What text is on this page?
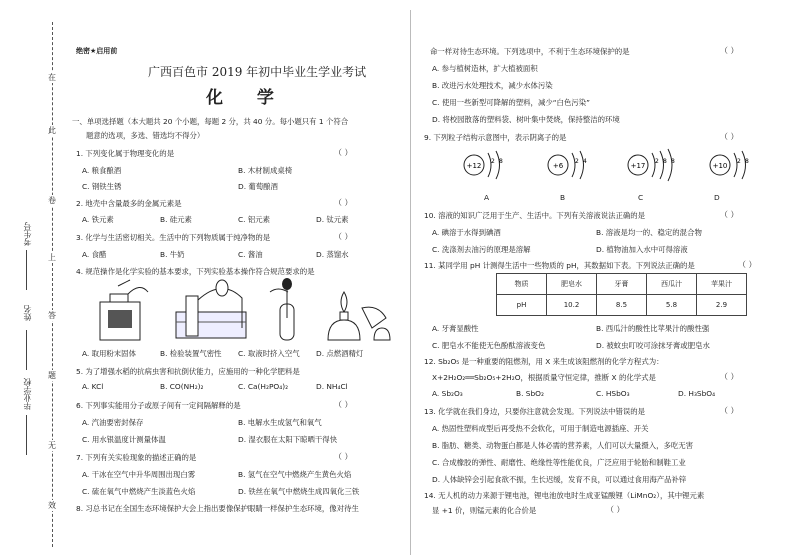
在
此
卷
上
答
题
无
效
考生号
姓名
毕业学校
绝密★启用前
广西百色市 2019 年初中毕业生学业考试
化 学
一、单项选择题（本大题共 20 个小题，每题 2 分，共 40 分。每小题只有 1 个符合
题意的选项，多选、错选均不得分）
1. 下列变化属于物理变化的是	（ ）
A. 粮食酿酒	B. 木材制成桌椅
C. 钢铁生锈	D. 葡萄酿酒
2. 地壳中含量最多的金属元素是	（ ）
A. 铁元素	B. 硅元素	C. 铝元素	D. 钛元素
3. 化学与生活密切相关。生活中的下列物质属于纯净物的是	（ ）
A. 食醋	B. 牛奶	C. 酱油	D. 蒸馏水
4. 规范操作是化学实验的基本要求，下列实验基本操作符合规范要求的是
A. 取用粉末固体	B. 检验装置气密性 C. 取液时挤入空气 D. 点燃酒精灯
5. 为了增强水稻的抗病虫害和抗倒伏能力，应施用的一种化学肥料是
A. KCl	B. CO(NH₂)₂	C. Ca(H₂PO₄)₂	D. NH₄Cl
6. 下列事实能用分子或原子间有一定间隔解释的是	（ ）
A. 汽油要密封保存	B. 电解水生成氢气和氧气
C. 用水银温度计测量体温	D. 湿衣服在太阳下晾晒干得快
7. 下列有关实验现象的描述正确的是	（ ）
A. 干冰在空气中升华周围出现白雾	B. 氢气在空气中燃烧产生黄色火焰
C. 硫在氧气中燃烧产生淡蓝色火焰	D. 铁丝在氧气中燃烧生成四氧化三铁
8. 习总书记在全国生态环境保护大会上指出要像保护眼睛一样保护生态环境，像对待生
命一样对待生态环境。下列选项中，不利于生态环境保护的是	（ ）
A. 参与植树造林，扩大植被面积
B. 改进污水处理技术，减少水体污染
C. 使用一些新型可降解的塑料，减少“白色污染”
D. 将校园散落的塑料袋、树叶集中焚烧，保持整洁的环境
9. 下列粒子结构示意图中，表示阴离子的是	（ ）
+12
2 8
+6
2 4
+17
2 8 8
+10
2 8
A	B	C	D
10. 溶液的知识广泛用于生产、生活中。下列有关溶液说法正确的是	（ ）
A. 碘溶于水得到碘酒	B. 溶液是均一的、稳定的混合物
C. 洗涤剂去油污的原理是溶解	D. 植物油加入水中可得溶液
11. 某同学用 pH 计测得生活中一些物质的 pH，其数据如下表。下列说法正确的是	（ ）
物质	肥皂水	牙膏	西瓜汁	苹果汁
pH	10.2	8.5	5.8	2.9
A. 牙膏显酸性	B. 西瓜汁的酸性比苹果汁的酸性强
C. 肥皂水不能使无色酚酞溶液变色	D. 被蚊虫叮咬可涂抹牙膏或肥皂水
12. Sb₂O₅ 是一种重要的阻燃剂，用 X 来生成该阻燃剂的化学方程式为：
X+2H₂O₂══Sb₂O₅+2H₂O，根据质量守恒定律，推断 X 的化学式是	（ ）
A. Sb₂O₃	B. SbO₂	C. HSbO₃	D. H₃SbO₄
13. 化学就在我们身边，只要你注意就会发现。下列说法中错误的是	（ ）
A. 热固性塑料成型后再受热不会软化，可用于制造电源插座、开关
B. 脂肪、糖类、动物蛋白都是人体必需的营养素，人们可以大量摄入，多吃无害
C. 合成橡胶的弹性、耐磨性、绝缘性等性能优良，广泛应用于轮胎和制鞋工业
D. 人体缺锌会引起食欲不振，生长迟缓，发育不良，可以通过食用海产品补锌
14. 无人机的动力来源于锂电池，锂电池放电时生成亚锰酸锂（LiMnO₂），其中锂元素
显 +1 价，则锰元素的化合价是	（ ）
